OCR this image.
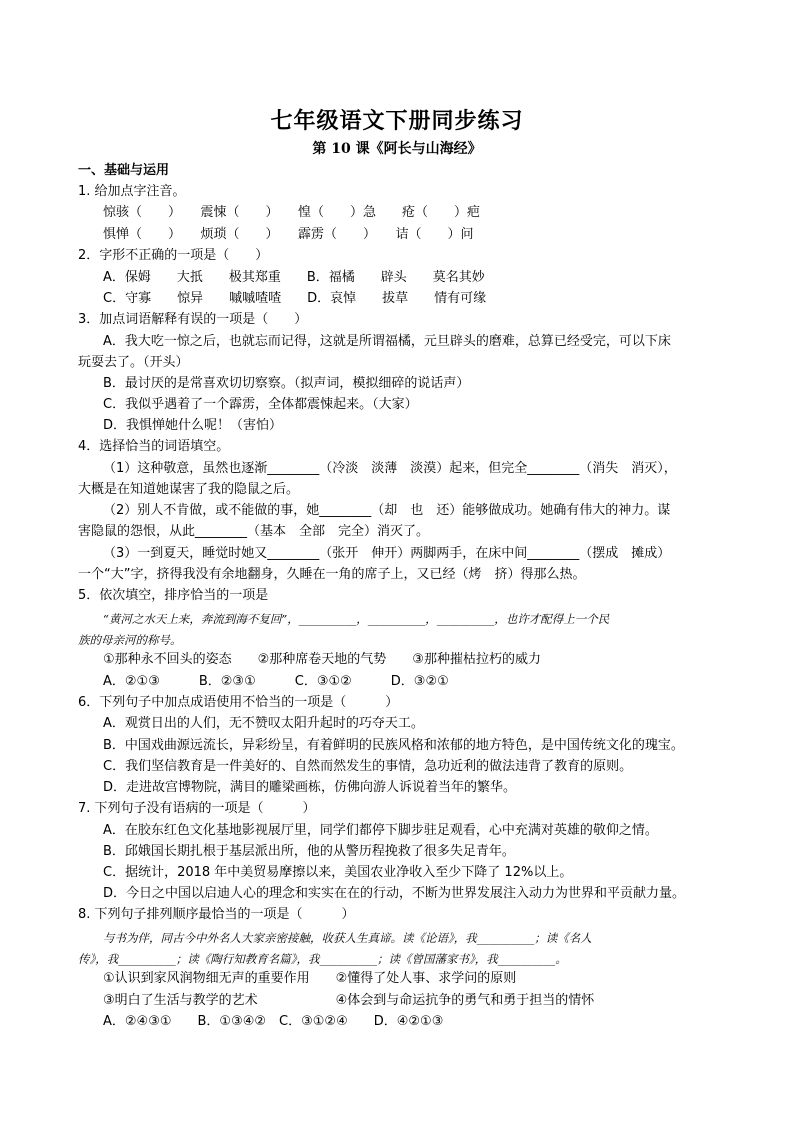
七年级语文下册同步练习
第 10 课《阿长与山海经》
一、基础与运用
1. 给加点字注音。
惊骇（　　）　　震悚（　　）　　惶（　　）急　　疮（　　）疤
惧惮（　　）　　烦琐（　　）　　霹雳（　　）　　诘（　　）问
2．字形不正确的一项是（　　）
A．保姆　　大扺　　极其郑重　　B．福橘　　辟头　　莫名其妙
C．守寡　　惊异　　嘁嘁喳喳　　D．哀悼　　拔草　　情有可缘
3．加点词语解释有误的一项是（　　）
A．我大吃一惊之后，也就忘而记得，这就是所谓福橘，元旦辟头的磨难，总算已经受完，可以下床
玩耍去了。（开头）
B．最讨厌的是常喜欢切切察察。（拟声词，模拟细碎的说话声）
C．我似乎遇着了一个霹雳，全体都震悚起来。（大家）
D．我惧惮她什么呢！（害怕）
4．选择恰当的词语填空。
（1）这种敬意，虽然也逐渐________（冷淡　淡薄　淡漠）起来，但完全________（消失　消灭），
大概是在知道她谋害了我的隐鼠之后。
（2）别人不肯做，或不能做的事，她________（却　也　还）能够做成功。她确有伟大的神力。谋
害隐鼠的怨恨，从此________（基本　全部　完全）消灭了。
（3）一到夏天，睡觉时她又________（张开　伸开）两脚两手，在床中间________（摆成　摊成）
一个“大”字，挤得我没有余地翻身，久睡在一角的席子上，又已经（烤　挤）得那么热。
5．依次填空，排序恰当的一项是
“黄河之水天上来，奔流到海不复回”，__________，__________，__________，也许才配得上一个民
族的母亲河的称号。
①那种永不回头的姿态　　②那种席卷天地的气势　　③那种摧枯拉朽的威力
A．②①③　　　B．②③①　　　C．③①②　　　D．③②①
6．下列句子中加点成语使用不恰当的一项是（　　　）
A．观赏日出的人们，无不赞叹太阳升起时的巧夺天工。
B．中国戏曲源远流长，异彩纷呈，有着鲜明的民族风格和浓郁的地方特色，是中国传统文化的瑰宝。
C．我们坚信教育是一件美好的、自然而然发生的事情，急功近利的做法违背了教育的原则。
D．走进故宫博物院，满目的雕梁画栋，仿佛向游人诉说着当年的繁华。
7. 下列句子没有语病的一项是（　　　）
A．在胶东红色文化基地影视展厅里，同学们都停下脚步驻足观看，心中充满对英雄的敬仰之情。
B．邱娥国长期扎根于基层派出所，他的从警历程挽救了很多失足青年。
C．据统计，2018 年中美贸易摩擦以来，美国农业净收入至少下降了 12%以上。
D．今日之中国以启迪人心的理念和实实在在的行动，不断为世界发展注入动力为世界和平贡献力量。
8. 下列句子排列顺序最恰当的一项是（　　　）
与书为伴，同古今中外名人大家亲密接触，收获人生真谛。读《论语》，我__________；读《名人
传》，我__________；读《陶行知教育名篇》，我__________；读《曾国藩家书》，我__________。
①认识到家风润物细无声的重要作用　　②懂得了处人事、求学问的原则
③明白了生活与教学的艺术　　　　　　④体会到与命运抗争的勇气和勇于担当的情怀
A．②④③①　　B．①③④②　C．③①②④　　D．④②①③
